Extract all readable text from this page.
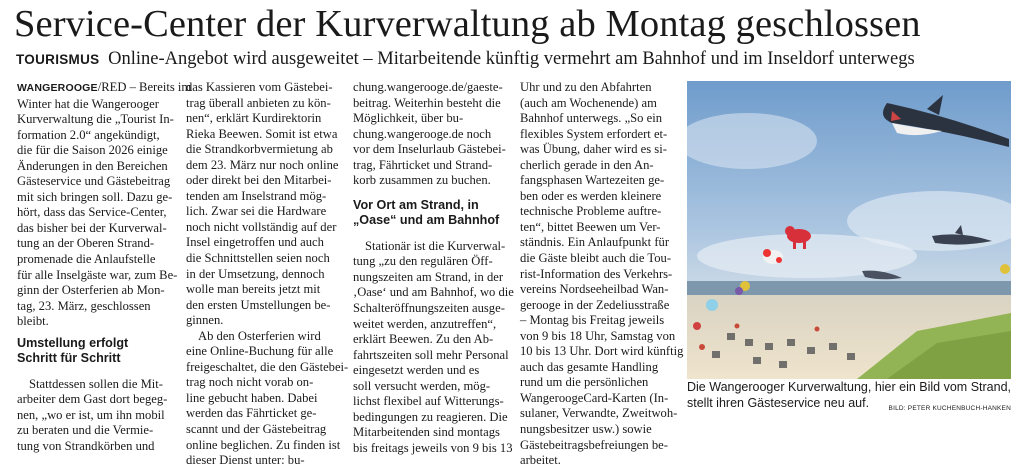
Service-Center der Kurverwaltung ab Montag geschlossen
TOURISMUS Online-Angebot wird ausgeweitet – Mitarbeitende künftig vermehrt am Bahnhof und im Inseldorf unterwegs
WANGEROOGE/RED – Bereits im
Winter hat die Wangerooger
Kurverwaltung die „Tourist In-
formation 2.0“ angekündigt,
die für die Saison 2026 einige
Änderungen in den Bereichen
Gästeservice und Gästebeitrag
mit sich bringen soll. Dazu ge-
hört, dass das Service-Center,
das bisher bei der Kurverwal-
tung an der Oberen Strand-
promenade die Anlaufstelle
für alle Inselgäste war, zum Be-
ginn der Osterferien ab Mon-
tag, 23. März, geschlossen
bleibt.
Umstellung erfolgt
Schritt für Schritt
Stattdessen sollen die Mit-
arbeiter dem Gast dort begeg-
nen, „wo er ist, um ihn mobil
zu beraten und die Vermie-
tung von Strandkörben und
das Kassieren vom Gästebei-
trag überall anbieten zu kön-
nen“, erklärt Kurdirektorin
Rieka Beewen. Somit ist etwa
die Strandkorbvermietung ab
dem 23. März nur noch online
oder direkt bei den Mitarbei-
tenden am Inselstrand mög-
lich. Zwar sei die Hardware
noch nicht vollständig auf der
Insel eingetroffen und auch
die Schnittstellen seien noch
in der Umsetzung, dennoch
wolle man bereits jetzt mit
den ersten Umstellungen be-
ginnen.
Ab den Osterferien wird
eine Online-Buchung für alle
freigeschaltet, die den Gästebei-
trag noch nicht vorab on-
line gebucht haben. Dabei
werden das Fährticket ge-
scannt und der Gästebeitrag
online beglichen. Zu finden ist
dieser Dienst unter: bu-
chung.wangerooge.de/gaeste-
beitrag. Weiterhin besteht die
Möglichkeit, über bu-
chung.wangerooge.de noch
vor dem Inselurlaub Gästebei-
trag, Fährticket und Strand-
korb zusammen zu buchen.
Vor Ort am Strand, in
„Oase“ und am Bahnhof
Stationär ist die Kurverwal-
tung „zu den regulären Öff-
nungszeiten am Strand, in der
‚Oase‘ und am Bahnhof, wo die
Schalteröffnungszeiten ausge-
weitet werden, anzutreffen“,
erklärt Beewen. Zu den Ab-
fahrtszeiten soll mehr Personal
eingesetzt werden und es
soll versucht werden, mög-
lichst flexibel auf Witterungs-
bedingungen zu reagieren. Die
Mitarbeitenden sind montags
bis freitags jeweils von 9 bis 13
Uhr und zu den Abfahrten
(auch am Wochenende) am
Bahnhof unterwegs. „So ein
flexibles System erfordert et-
was Übung, daher wird es si-
cherlich gerade in den An-
fangsphasen Wartezeiten ge-
ben oder es werden kleinere
technische Probleme auftre-
ten“, bittet Beewen um Ver-
ständnis. Ein Anlaufpunkt für
die Gäste bleibt auch die Tou-
rist-Information des Verkehrs-
vereins Nordseeheilbad Wan-
gerooge in der Zedeliusstraße
– Montag bis Freitag jeweils
von 9 bis 18 Uhr, Samstag von
10 bis 13 Uhr. Dort wird künftig
auch das gesamte Handling
rund um die persönlichen
WangeroogeCard-Karten (In-
sulaner, Verwandte, Zweitwoh-
nungsbesitzer usw.) sowie
Gästebeitragsbefreiungen be-
arbeitet.
Die Wangerooger Kurverwaltung, hier ein Bild vom Strand, stellt ihren Gästeservice neu auf.	BILD: PETER KUCHENBUCH-HANKEN
